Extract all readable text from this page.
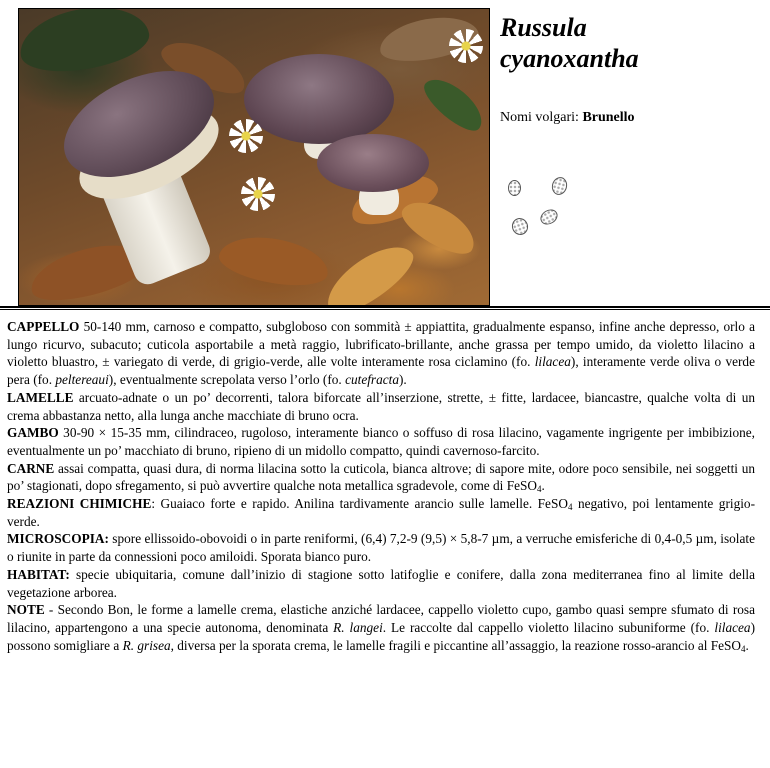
Russula
cyanoxantha
Nomi volgari: Brunello

CAPPELLO 50-140 mm, carnoso e compatto, subgloboso con sommità ± appiattita, gradualmente espanso, infine anche depresso, orlo a lungo ricurvo, subacuto; cuticola asportabile a metà raggio, lubrificato-brillante, anche grassa per tempo umido, da violetto lilacino a violetto bluastro, ± variegato di verde, di grigio-verde, alle volte interamente rosa ciclamino (fo. lilacea), interamente verde oliva o verde pera (fo. peltereaui), eventualmente screpolata verso l’orlo (fo. cutefracta).

LAMELLE arcuato-adnate o un po’ decorrenti, talora biforcate all’inserzione, strette, ± fitte, lardacee, biancastre, qualche volta di un crema abbastanza netto, alla lunga anche macchiate di bruno ocra.

GAMBO 30-90 × 15-35 mm, cilindraceo, rugoloso, interamente bianco o soffuso di rosa lilacino, vagamente ingrigente per imbibizione, eventualmente un po’ macchiato di bruno, ripieno di un midollo compatto, quindi cavernoso-farcito.

CARNE assai compatta, quasi dura, di norma lilacina sotto la cuticola, bianca altrove; di sapore mite, odore poco sensibile, nei soggetti un po’ stagionati, dopo sfregamento, si può avvertire qualche nota metallica sgradevole, come di FeSO$_4$.

REAZIONI CHIMICHE: Guaiaco forte e rapido. Anilina tardivamente arancio sulle lamelle. FeSO$_4$ negativo, poi lentamente grigio-verde.

MICROSCOPIA: spore ellissoido-obovoidi o in parte reniformi, (6,4) 7,2-9 (9,5) × 5,8-7 µm, a verruche emisferiche di 0,4-0,5 µm, isolate o riunite in parte da connessioni poco amiloidi. Sporata bianco puro.

HABITAT: specie ubiquitaria, comune dall’inizio di stagione sotto latifoglie e conifere, dalla zona mediterranea fino al limite della vegetazione arborea.

NOTE - Secondo Bon, le forme a lamelle crema, elastiche anziché lardacee, cappello violetto cupo, gambo quasi sempre sfumato di rosa lilacino, appartengono a una specie autonoma, denominata R. langei. Le raccolte dal cappello violetto lilacino subuniforme (fo. lilacea) possono somigliare a R. grisea, diversa per la sporata crema, le lamelle fragili e piccantine all’assaggio, la reazione rosso-arancio al FeSO$_4$.
